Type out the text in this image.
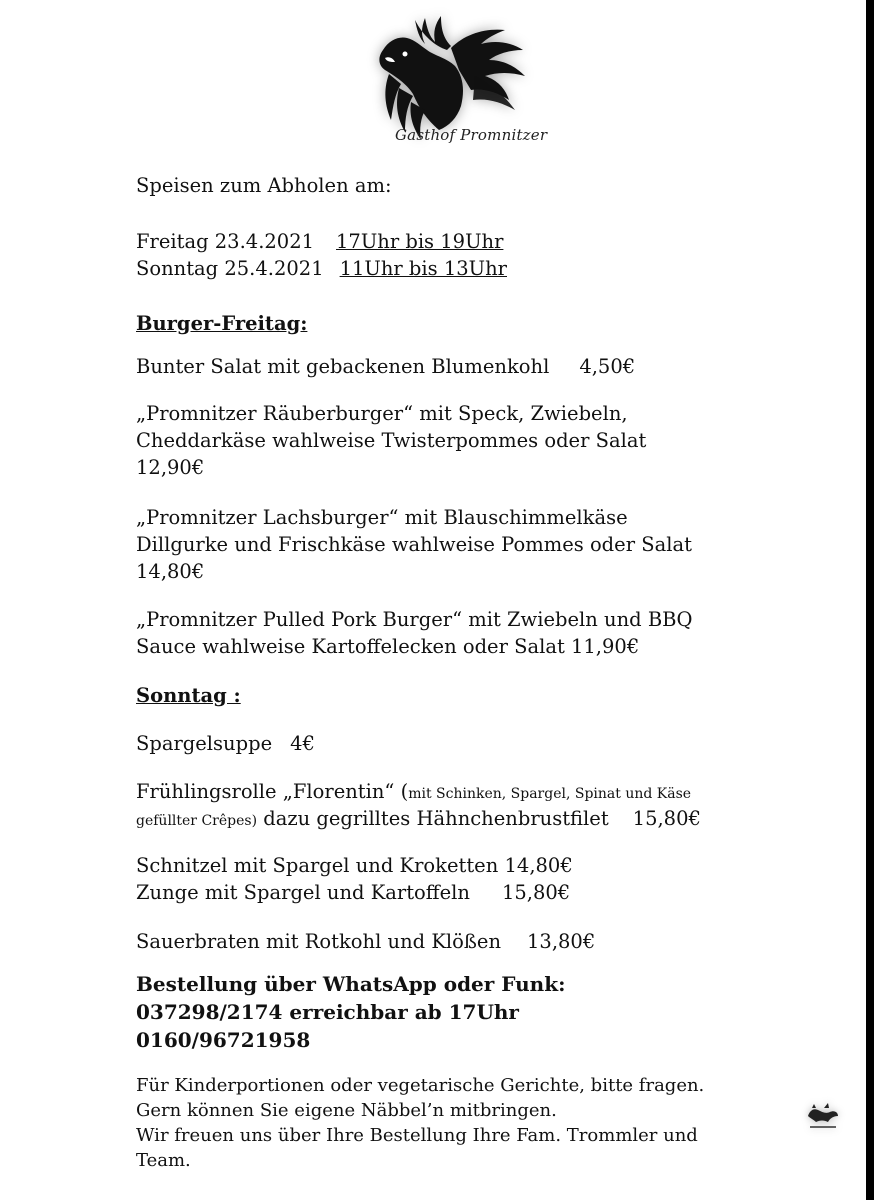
Gasthof Promnitzer
Speisen zum Abholen am:
Freitag 23.4.2021 17Uhr bis 19Uhr
Sonntag 25.4.2021 11Uhr bis 13Uhr
Burger-Freitag:
Bunter Salat mit gebackenen Blumenkohl 4,50€
„Promnitzer Räuberburger“ mit Speck, Zwiebeln,
Cheddarkäse wahlweise Twisterpommes oder Salat
12,90€
„Promnitzer Lachsburger“ mit Blauschimmelkäse
Dillgurke und Frischkäse wahlweise Pommes oder Salat
14,80€
„Promnitzer Pulled Pork Burger“ mit Zwiebeln und BBQ
Sauce wahlweise Kartoffelecken oder Salat 11,90€
Sonntag :
Spargelsuppe 4€
Frühlingsrolle „Florentin“ (mit Schinken, Spargel, Spinat und Käse
gefüllter Crêpes) dazu gegrilltes Hähnchenbrustfilet 15,80€
Schnitzel mit Spargel und Kroketten 14,80€
Zunge mit Spargel und Kartoffeln 15,80€
Sauerbraten mit Rotkohl und Klößen 13,80€
Bestellung über WhatsApp oder Funk:
037298/2174 erreichbar ab 17Uhr
0160/96721958
Für Kinderportionen oder vegetarische Gerichte, bitte fragen.
Gern können Sie eigene Näbbel’n mitbringen.
Wir freuen uns über Ihre Bestellung Ihre Fam. Trommler und
Team.
